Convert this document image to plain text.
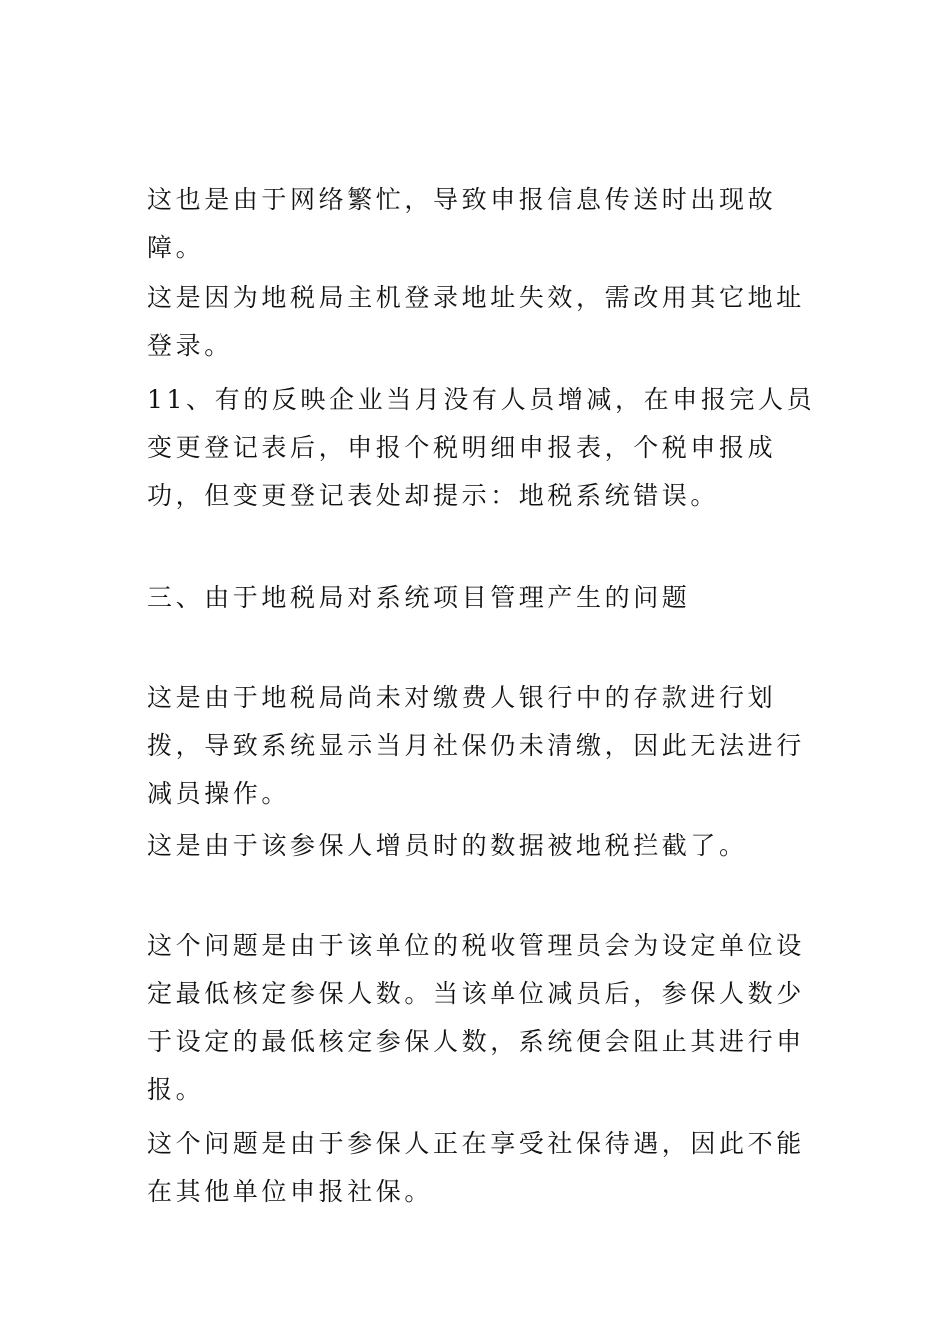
这也是由于网络繁忙，导致申报信息传送时出现故障。

这是因为地税局主机登录地址失效，需改用其它地址登录。

11、有的反映企业当月没有人员增减，在申报完人员变更登记表后，申报个税明细申报表，个税申报成功，但变更登记表处却提示：地税系统错误。

三、由于地税局对系统项目管理产生的问题

这是由于地税局尚未对缴费人银行中的存款进行划拨，导致系统显示当月社保仍未清缴，因此无法进行减员操作。

这是由于该参保人增员时的数据被地税拦截了。

这个问题是由于该单位的税收管理员会为设定单位设定最低核定参保人数。当该单位减员后，参保人数少于设定的最低核定参保人数，系统便会阻止其进行申报。

这个问题是由于参保人正在享受社保待遇，因此不能在其他单位申报社保。
